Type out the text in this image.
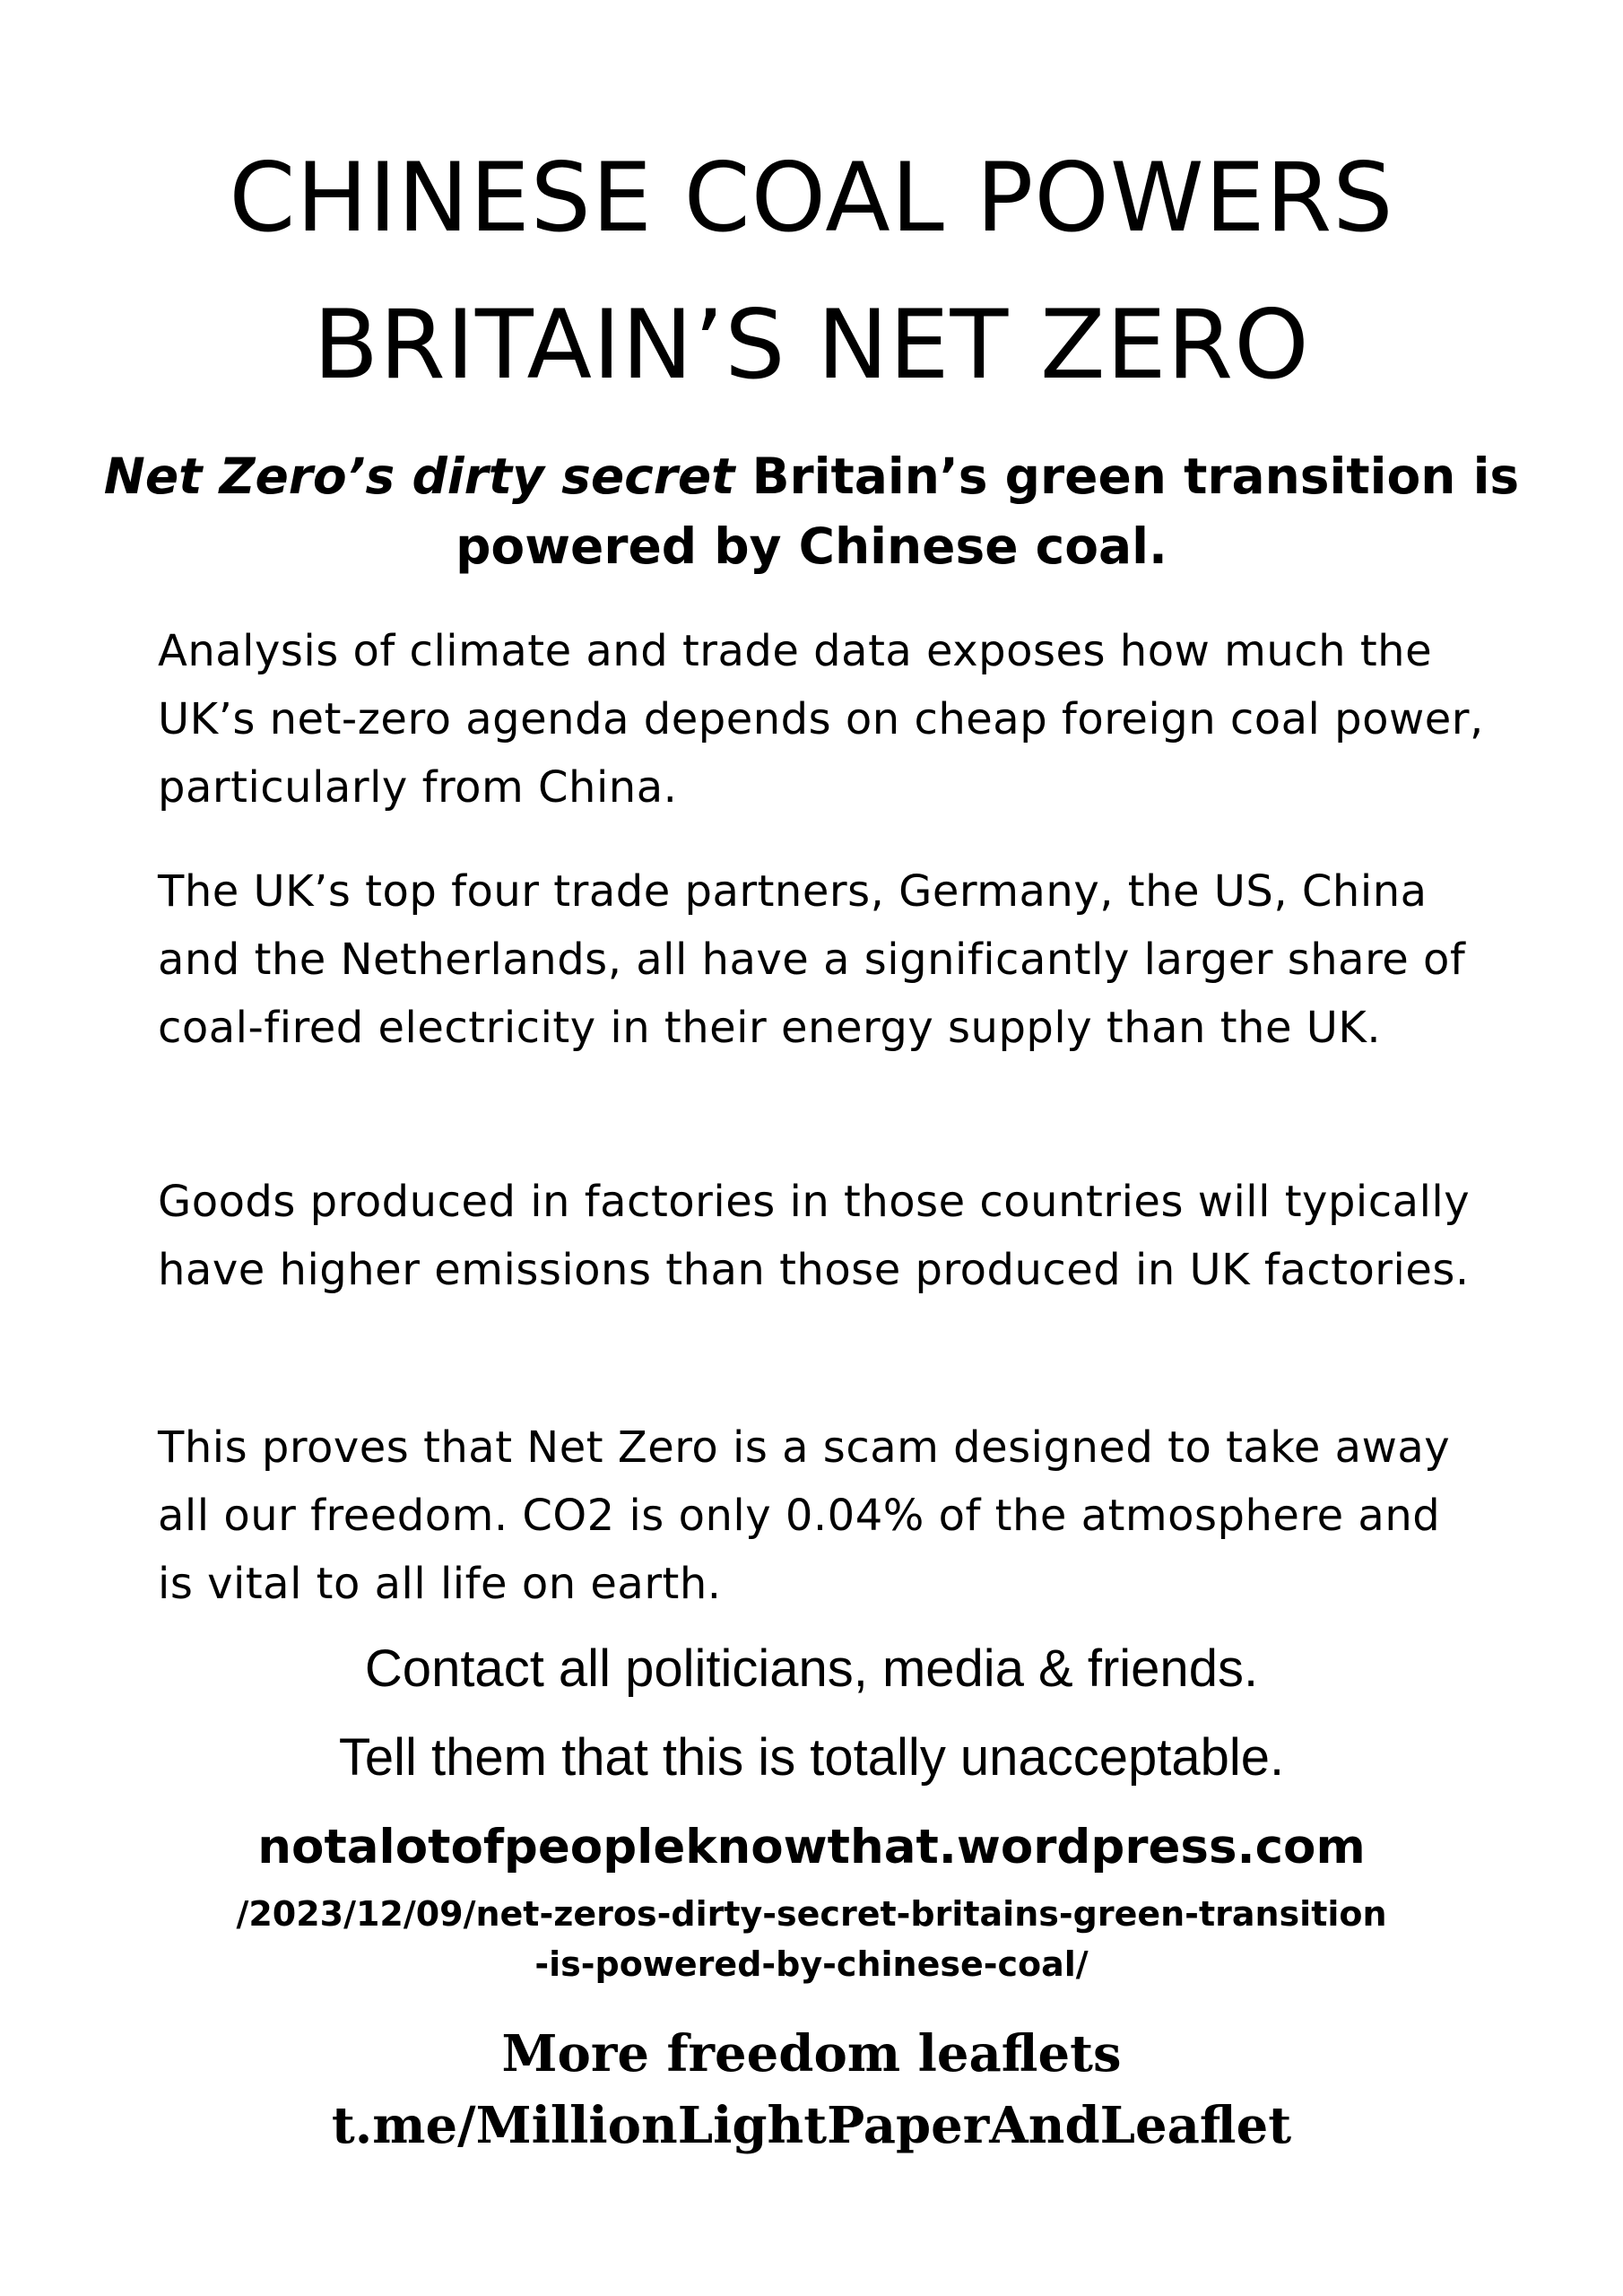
CHINESE COAL POWERS
BRITAIN’S NET ZERO
Net Zero’s dirty secret Britain’s green transition is powered by Chinese coal.
Analysis of climate and trade data exposes how much the UK’s net-zero agenda depends on cheap foreign coal power, particularly from China.
The UK’s top four trade partners, Germany, the US, China and the Netherlands, all have a significantly larger share of coal-fired electricity in their energy supply than the UK.
Goods produced in factories in those countries will typically have higher emissions than those produced in UK factories.
This proves that Net Zero is a scam designed to take away all our freedom. CO2 is only 0.04% of the atmosphere and is vital to all life on earth.
Contact all politicians, media & friends.
Tell them that this is totally unacceptable.
notalotofpeopleknowthat.wordpress.com
/2023/12/09/net-zeros-dirty-secret-britains-green-transition
-is-powered-by-chinese-coal/
More freedom leaflets
t.me/MillionLightPaperAndLeaflet
